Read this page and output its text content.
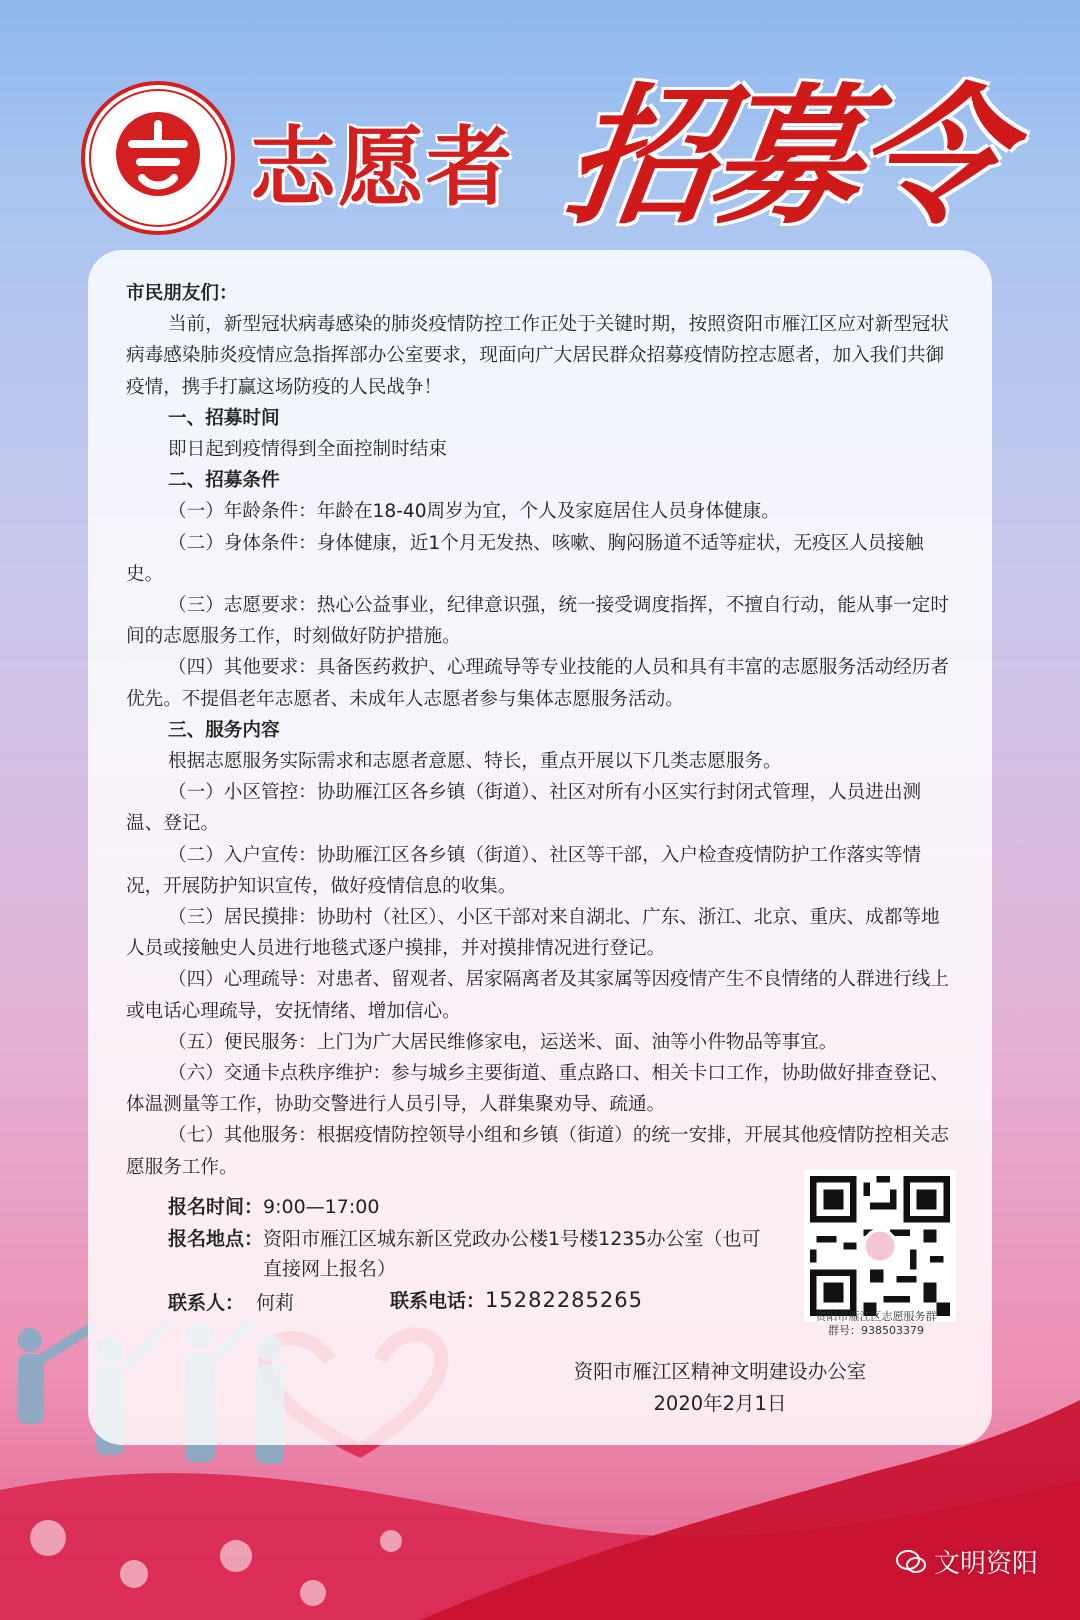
志愿者 招募令

市民朋友们：

当前，新型冠状病毒感染的肺炎疫情防控工作正处于关键时期，按照资阳市雁江区应对新型冠状病毒感染肺炎疫情应急指挥部办公室要求，现面向广大居民群众招募疫情防控志愿者，加入我们共御疫情，携手打赢这场防疫的人民战争！

一、招募时间

即日起到疫情得到全面控制时结束

二、招募条件

（一）年龄条件：年龄在18-40周岁为宜，个人及家庭居住人员身体健康。

（二）身体条件：身体健康，近1个月无发热、咳嗽、胸闷肠道不适等症状，无疫区人员接触史。

（三）志愿要求：热心公益事业，纪律意识强，统一接受调度指挥，不擅自行动，能从事一定时间的志愿服务工作，时刻做好防护措施。

（四）其他要求：具备医药救护、心理疏导等专业技能的人员和具有丰富的志愿服务活动经历者优先。不提倡老年志愿者、未成年人志愿者参与集体志愿服务活动。

三、服务内容

根据志愿服务实际需求和志愿者意愿、特长，重点开展以下几类志愿服务。

（一）小区管控：协助雁江区各乡镇（街道）、社区对所有小区实行封闭式管理，人员进出测温、登记。

（二）入户宣传：协助雁江区各乡镇（街道）、社区等干部，入户检查疫情防护工作落实等情况，开展防护知识宣传，做好疫情信息的收集。

（三）居民摸排：协助村（社区）、小区干部对来自湖北、广东、浙江、北京、重庆、成都等地人员或接触史人员进行地毯式逐户摸排，并对摸排情况进行登记。

（四）心理疏导：对患者、留观者、居家隔离者及其家属等因疫情产生不良情绪的人群进行线上或电话心理疏导，安抚情绪、增加信心。

（五）便民服务：上门为广大居民维修家电，运送米、面、油等小件物品等事宜。

（六）交通卡点秩序维护：参与城乡主要街道、重点路口、相关卡口工作，协助做好排查登记、体温测量等工作，协助交警进行人员引导，人群集聚劝导、疏通。

（七）其他服务：根据疫情防控领导小组和乡镇（街道）的统一安排，开展其他疫情防控相关志愿服务工作。

报名时间：9:00—17:00
报名地点：资阳市雁江区城东新区党政办公楼1号楼1235办公室（也可
直接网上报名）
联系人： 何莉	联系电话：15282285265
资阳市雁江区志愿服务群
群号：938503379
资阳市雁江区精神文明建设办公室
2020年2月1日
文明资阳
